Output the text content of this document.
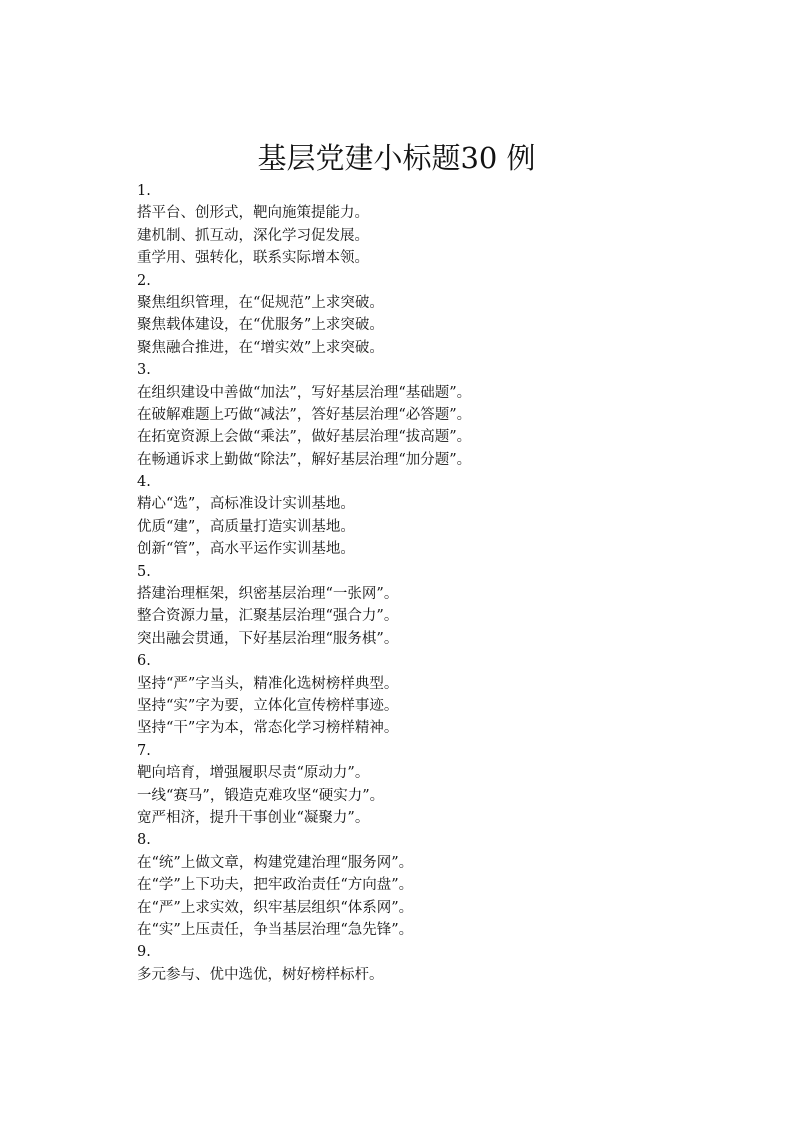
基层党建小标题30 例

1.

搭平台、创形式，靶向施策提能力。

建机制、抓互动，深化学习促发展。

重学用、强转化，联系实际增本领。

2.

聚焦组织管理，在“促规范”上求突破。

聚焦载体建设，在“优服务”上求突破。

聚焦融合推进，在“增实效”上求突破。

3.

在组织建设中善做“加法”，写好基层治理“基础题”。

在破解难题上巧做“减法”，答好基层治理“必答题”。

在拓宽资源上会做“乘法”，做好基层治理“拔高题”。

在畅通诉求上勤做“除法”，解好基层治理“加分题”。

4.

精心“选”，高标准设计实训基地。

优质“建”，高质量打造实训基地。

创新“管”，高水平运作实训基地。

5.

搭建治理框架，织密基层治理“一张网”。

整合资源力量，汇聚基层治理“强合力”。

突出融会贯通，下好基层治理“服务棋”。

6.

坚持“严”字当头，精准化选树榜样典型。

坚持“实”字为要，立体化宣传榜样事迹。

坚持“干”字为本，常态化学习榜样精神。

7.

靶向培育，增强履职尽责“原动力”。

一线“赛马”，锻造克难攻坚“硬实力”。

宽严相济，提升干事创业“凝聚力”。

8.

在“统”上做文章，构建党建治理“服务网”。

在“学”上下功夫，把牢政治责任“方向盘”。

在“严”上求实效，织牢基层组织“体系网”。

在“实”上压责任，争当基层治理“急先锋”。

9.

多元参与、优中选优，树好榜样标杆。
